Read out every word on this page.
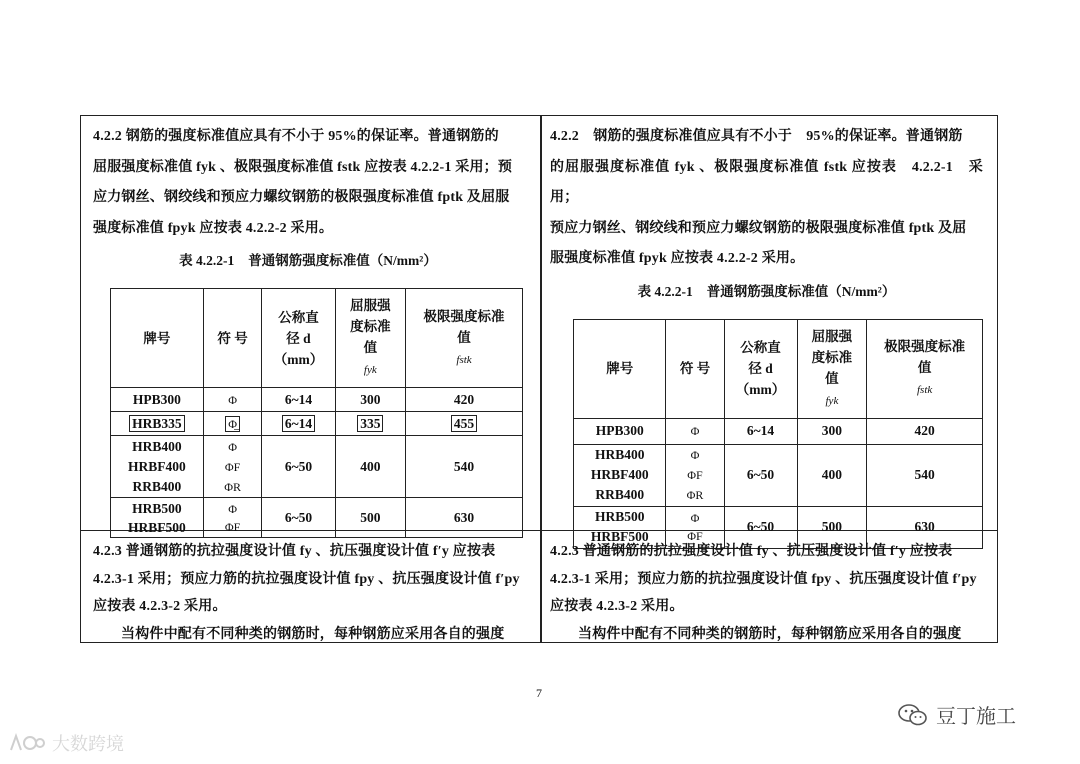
4.2.2 钢筋的强度标准值应具有不小于 95%的保证率。普通钢筋的
屈服强度标准值 fyk 、极限强度标准值 fstk 应按表 4.2.2-1 采用；预
应力钢丝、钢绞线和预应力螺纹钢筋的极限强度标准值 fptk 及屈服
强度标准值 fpyk 应按表 4.2.2-2 采用。

表 4.2.2-1 普通钢筋强度标准值（N/mm²）
牌号	符 号	公称直
径 d
（mm）	屈服强
度标准
值
fyk	极限强度标准
值
fstk

HPB300	Φ	6~14	300	420
HRB335	Φ̲	6~14	335	455
HRB400
HRBF400
RRB400	Φ
ΦF
ΦR	6~50	400	540
HRB500
HRBF500	Φ
ΦF	6~50	500	630

4.2.2　钢筋的强度标准值应具有不小于　95%的保证率。普通钢筋
的屈服强度标准值 fyk 、极限强度标准值 fstk 应按表　4.2.2-1　采用；
预应力钢丝、钢绞线和预应力螺纹钢筋的极限强度标准值 fptk 及屈
服强度标准值 fpyk 应按表 4.2.2-2 采用。

表 4.2.2-1 普通钢筋强度标准值（N/mm²）
牌号	符 号	公称直
径 d
（mm）	屈服强
度标准
值
fyk	极限强度标准
值
fstk

HPB300	Φ	6~14	300	420
HRB400
HRBF400
RRB400	Φ
ΦF
ΦR	6~50	400	540
HRB500
HRBF500	Φ
ΦF	6~50	500	630

4.2.3 普通钢筋的抗拉强度设计值 fy 、抗压强度设计值 f′y 应按表
4.2.3-1 采用；预应力筋的抗拉强度设计值 fpy 、抗压强度设计值 f′py
应按表 4.2.3-2 采用。
当构件中配有不同种类的钢筋时，每种钢筋应采用各自的强度

4.2.3 普通钢筋的抗拉强度设计值 fy 、抗压强度设计值 f′y 应按表
4.2.3-1 采用；预应力筋的抗拉强度设计值 fpy 、抗压强度设计值 f′py
应按表 4.2.3-2 采用。
当构件中配有不同种类的钢筋时，每种钢筋应采用各自的强度

7
豆丁施工
大数跨境
